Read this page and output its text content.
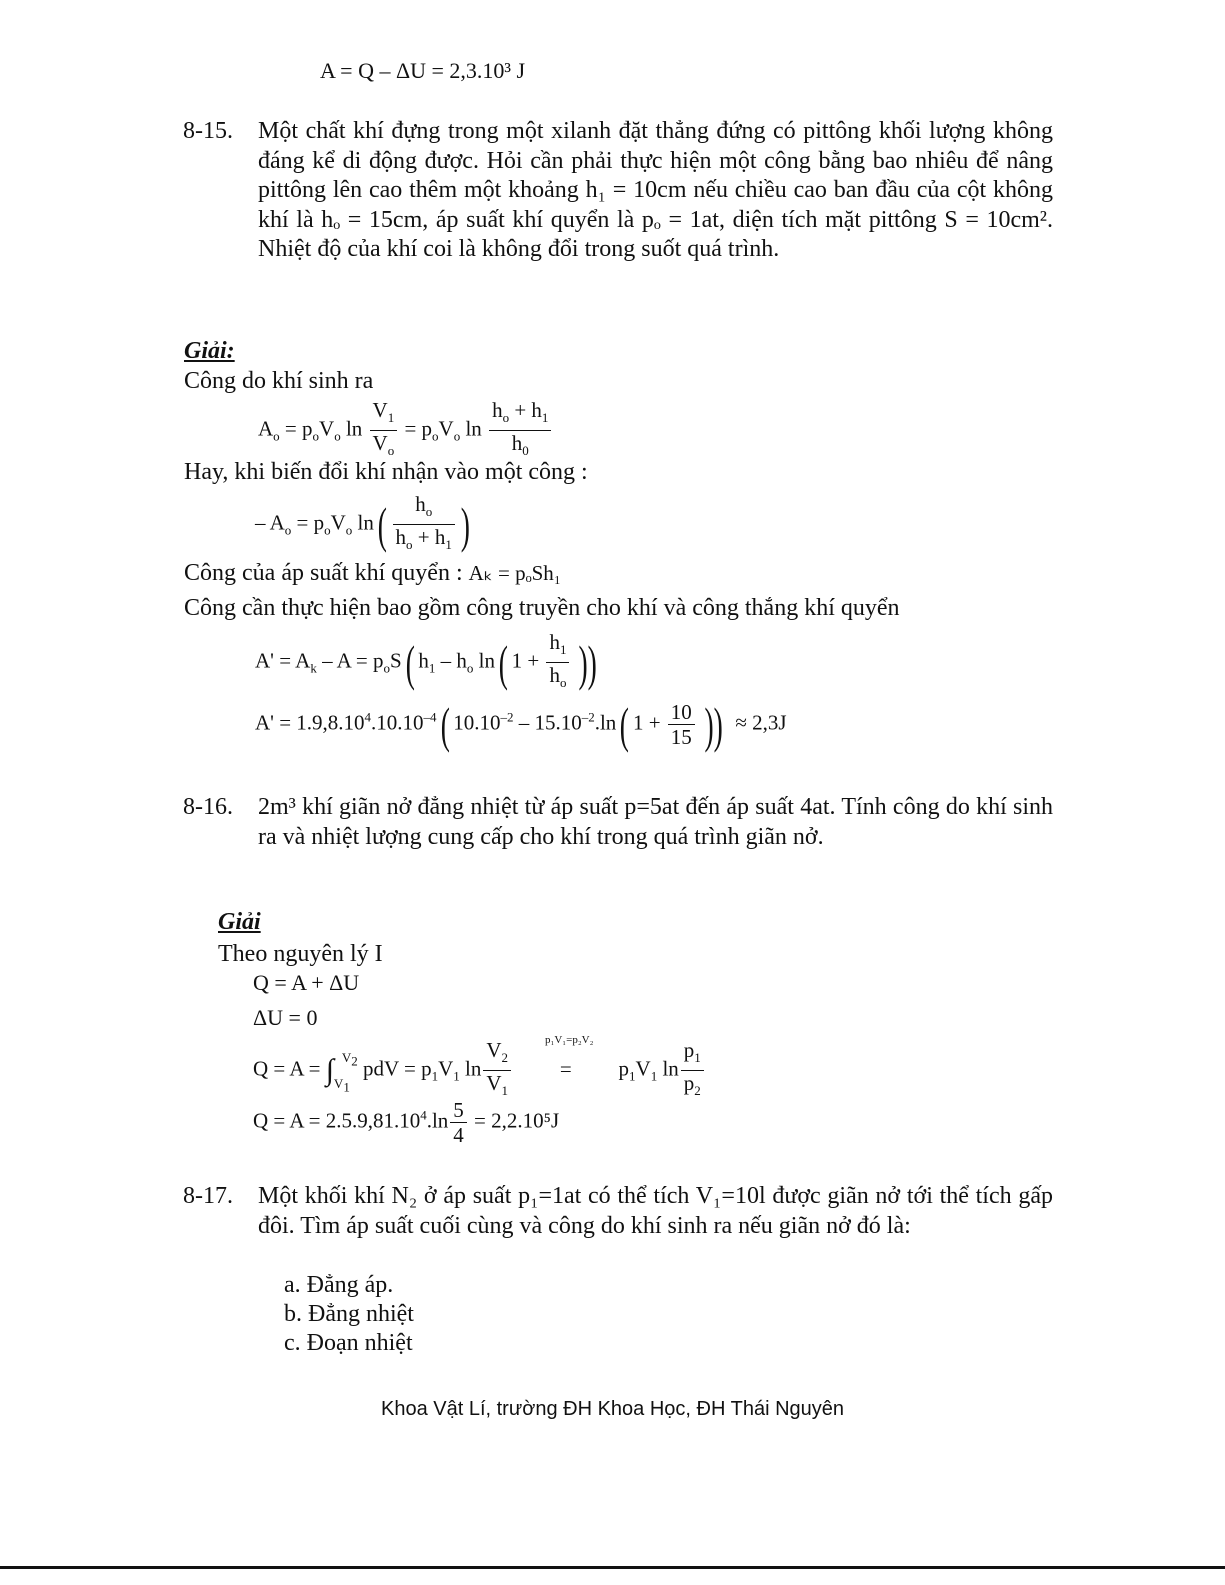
A = Q – ΔU = 2,3.10³ J
8-15. Một chất khí đựng trong một xilanh đặt thẳng đứng có pittông khối lượng không đáng kể di động được. Hỏi cần phải thực hiện một công bằng bao nhiêu để nâng pittông lên cao thêm một khoảng h₁ = 10cm nếu chiều cao ban đầu của cột không khí là hₒ = 15cm, áp suất khí quyển là pₒ = 1at, diện tích mặt pittông S = 10cm². Nhiệt độ của khí coi là không đổi trong suốt quá trình.
Giải:
Công do khí sinh ra
$A_o = p_oV_o$ $\ln \frac{V_1}{V_o} = p_oV_o$ $\ln \frac{h_o + h_1}{h_0}$
Hay, khi biến đổi khí nhận vào một công :
– $A_o = p_oV_o$ $\ln( \frac{h_o}{h_o + h_1}$ )
Công của áp suất khí quyển : Aₖ = pₒSh₁
Công cần thực hiện bao gồm công truyền cho khí và công thắng khí quyển
$A' = A_k - A = p_oS$( $h_1 - h_o$ ln( $1 + \frac{h_1}{h_o}$ ))
$A' = 1.9,8.10^4.10.10^{-4}$( $10.10^{-2} - 15.10^{-2}.\ln$( $1 + \frac{10}{15}$ )) ≈ 2,3J
8-16. 2m³ khí giãn nở đẳng nhiệt từ áp suất p=5at đến áp suất 4at. Tính công do khí sinh ra và nhiệt lượng cung cấp cho khí trong quá trình giãn nở.
Giải
Theo nguyên lý I
Q = A + ΔU
ΔU = 0
p₁V₁=p₂V₂
$Q = A = \int_{V_1}^{V_2}$ pdV = $p_1V_1$ $\ln \frac{V_2}{V_1} = p_1V_1$ $\ln \frac{p_1}{p_2}$
$Q = A = 2.5.9,81.10^4.\ln \frac{5}{4} = 2,2.10^5J$
8-17. Một khối khí N₂ ở áp suất p₁=1at có thể tích V₁=10l được giãn nở tới thể tích gấp đôi. Tìm áp suất cuối cùng và công do khí sinh ra nếu giãn nở đó là:
a. Đẳng áp.
b. Đẳng nhiệt
c. Đoạn nhiệt
Khoa Vật Lí, trường ĐH Khoa Học, ĐH Thái Nguyên
